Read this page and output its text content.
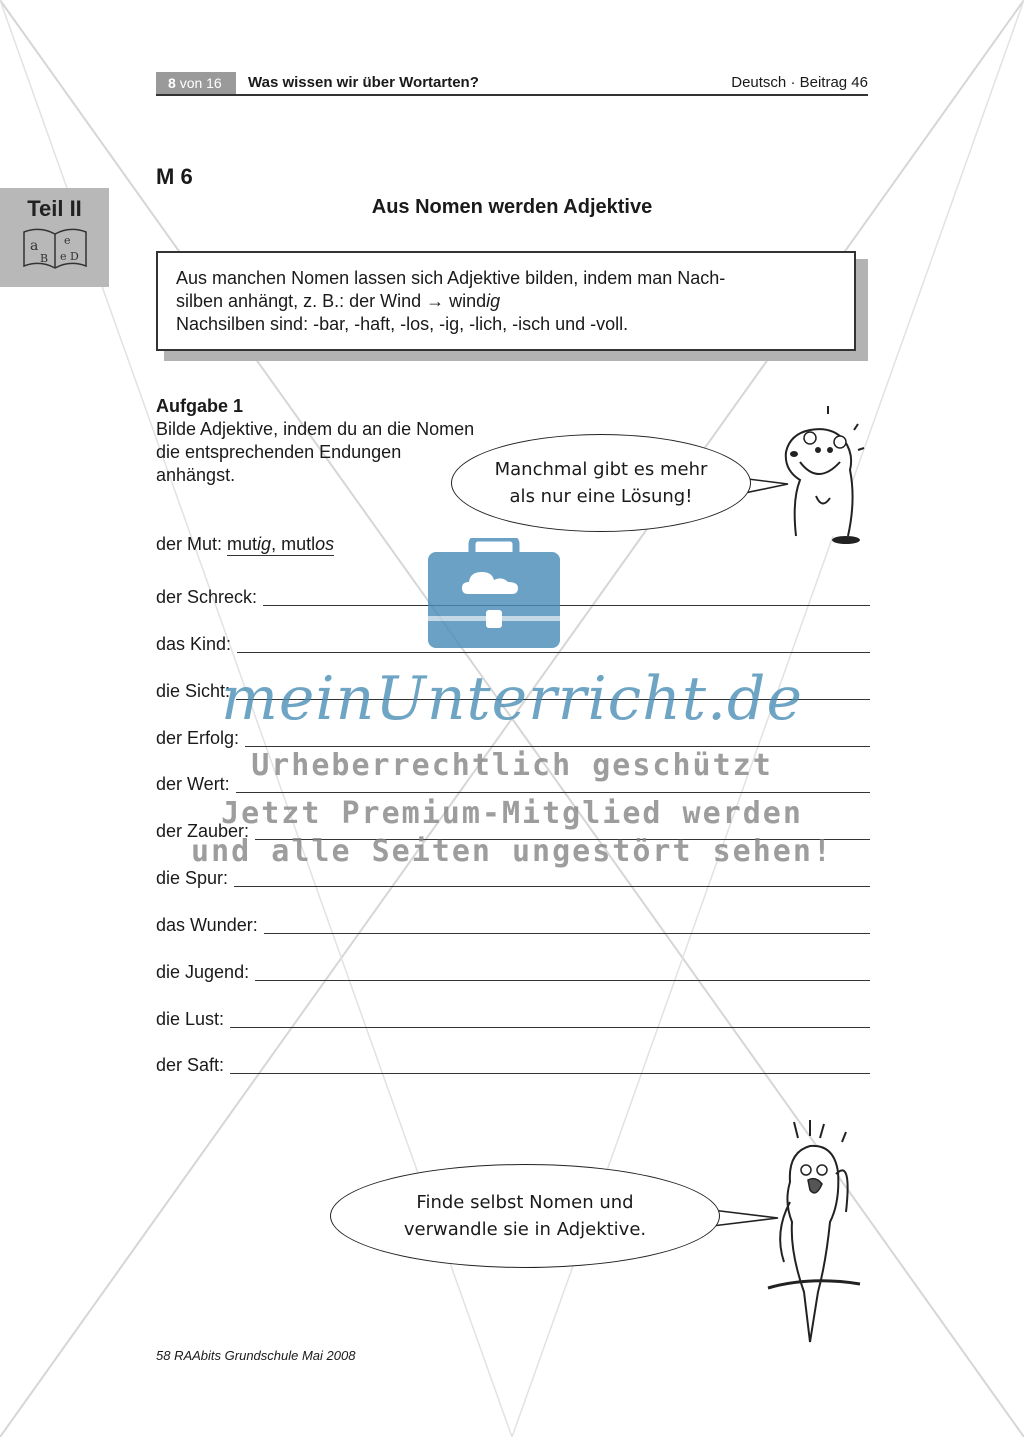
8 von 16	Was wissen wir über Wortarten?	Deutsch · Beitrag 46
Teil II
a e
B e D
M 6
Aus Nomen werden Adjektive

Aus manchen Nomen lassen sich Adjektive bilden, indem man Nach-

silben anhängt, z. B.: der Wind → windig

Nachsilben sind: -bar, -haft, -los, -ig, -lich, -isch und -voll.

Aufgabe 1
Bilde Adjektive, indem du an die Nomen die entsprechenden Endungen anhängst.	Manchmal gibt es mehr
als nur eine Lösung!
der Mut: mutig, mutlos
der Schreck:
das Kind:
die Sicht:
der Erfolg:
der Wert:
der Zauber:
die Spur:
das Wunder:
die Jugend:
die Lust:
der Saft:
Finde selbst Nomen und
verwandle sie in Adjektive.
58 RAAbits Grundschule Mai 2008
meinUnterricht.de
Urheberrechtlich geschützt
Jetzt Premium-Mitglied werden
und alle Seiten ungestört sehen!
